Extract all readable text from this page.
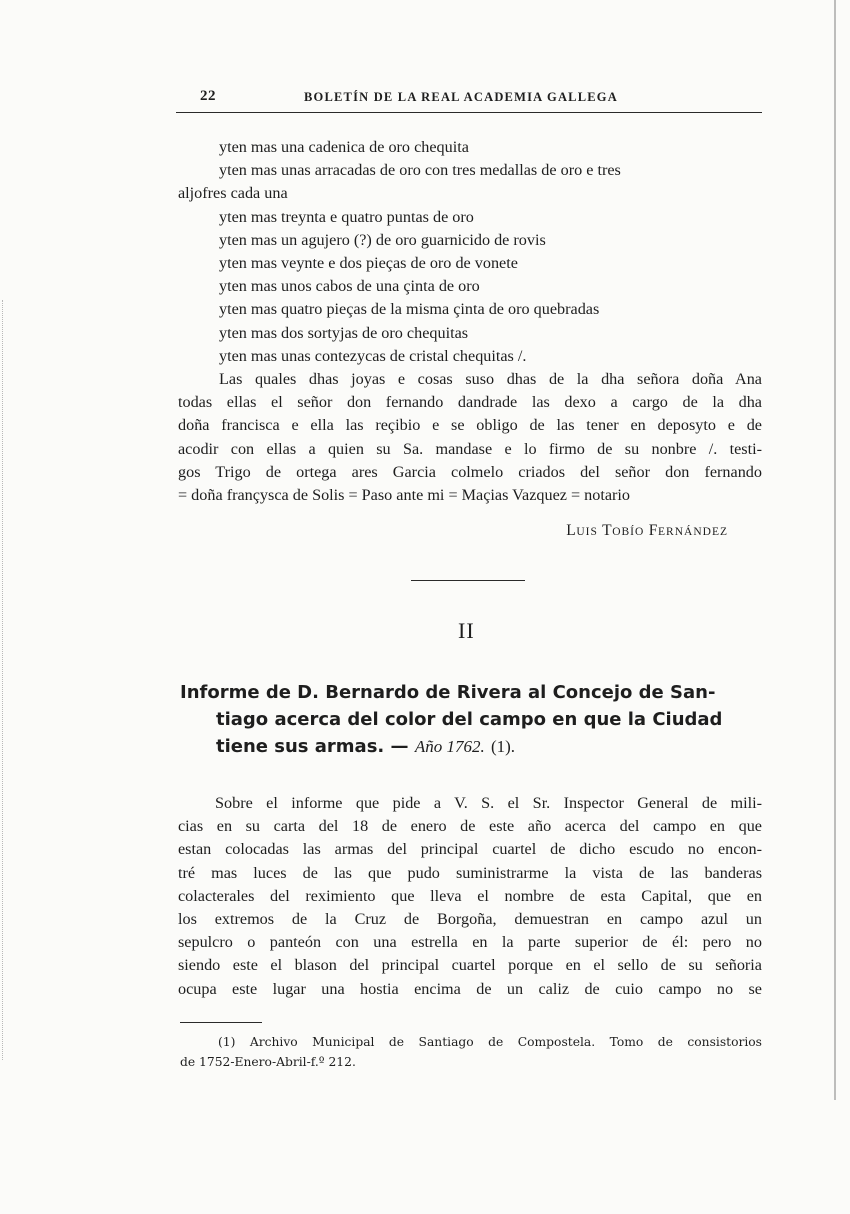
22	BOLETÍN DE LA REAL ACADEMIA GALLEGA
yten mas una cadenica de oro chequita
yten mas unas arracadas de oro con tres medallas de oro e tres
aljofres cada una
yten mas treynta e quatro puntas de oro
yten mas un agujero (?) de oro guarnicido de rovis
yten mas veynte e dos pieças de oro de vonete
yten mas unos cabos de una çinta de oro
yten mas quatro pieças de la misma çinta de oro quebradas
yten mas dos sortyjas de oro chequitas
yten mas unas contezycas de cristal chequitas /.

Las quales dhas joyas e cosas suso dhas de la dha señora doña Ana
todas ellas el señor don fernando dandrade las dexo a cargo de la dha
doña francisca e ella las reçibio e se obligo de las tener en deposyto e de
acodir con ellas a quien su Sa. mandase e lo firmo de su nonbre /. testi-
gos Trigo de ortega ares Garcia colmelo criados del señor don fernando
= doña françysca de Solis = Paso ante mi = Maçias Vazquez = notario

LUIS TOBÍO FERNÁNDEZ
II
Informe de D. Bernardo de Rivera al Concejo de San-
tiago acerca del color del campo en que la Ciudad
tiene sus armas. — Año 1762. (1).

Sobre el informe que pide a V. S. el Sr. Inspector General de mili-
cias en su carta del 18 de enero de este año acerca del campo en que
estan colocadas las armas del principal cuartel de dicho escudo no encon-
tré mas luces de las que pudo suministrarme la vista de las banderas
colacterales del reximiento que lleva el nombre de esta Capital, que en
los extremos de la Cruz de Borgoña, demuestran en campo azul un
sepulcro o panteón con una estrella en la parte superior de él: pero no
siendo este el blason del principal cuartel porque en el sello de su señoria
ocupa este lugar una hostia encima de un caliz de cuio campo no se

(1) Archivo Municipal de Santiago de Compostela. Tomo de consistorios
de 1752-Enero-Abril-f.º 212.
